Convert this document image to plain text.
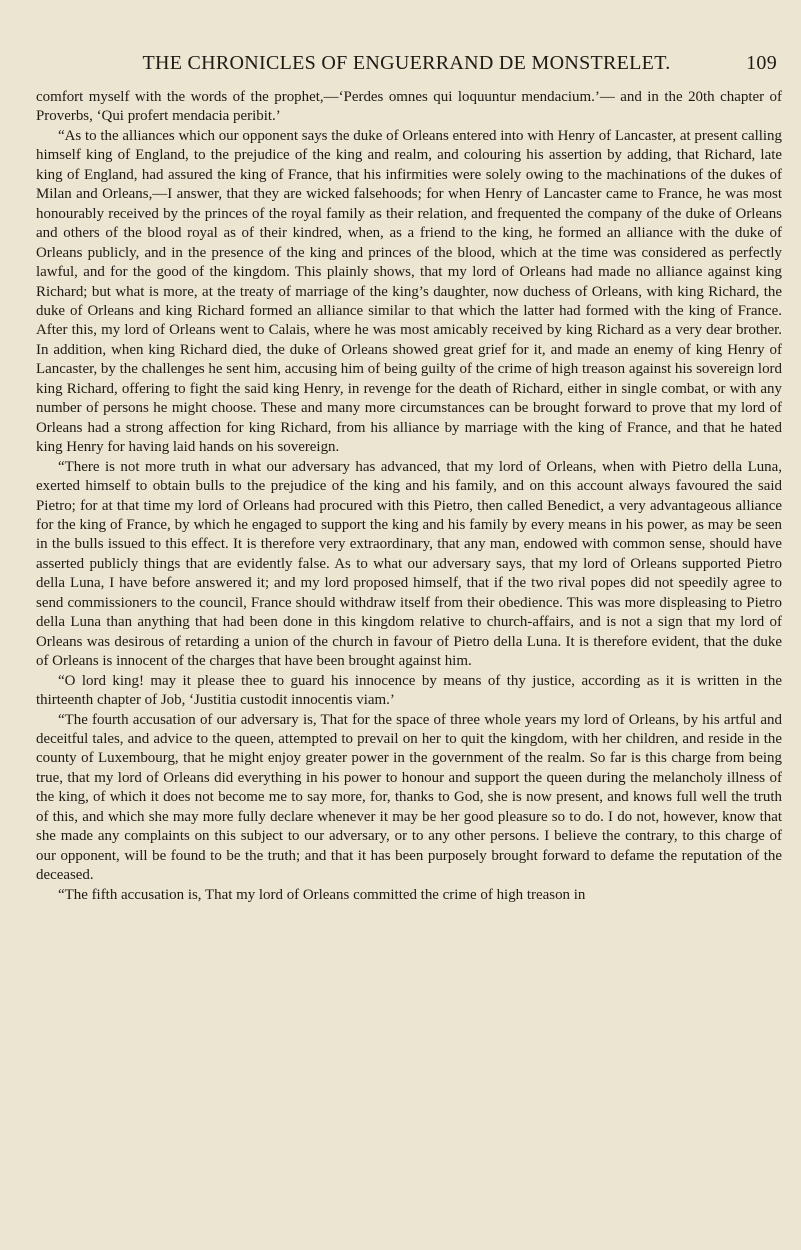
THE CHRONICLES OF ENGUERRAND DE MONSTRELET.	109

comfort myself with the words of the prophet,—‘Perdes omnes qui loquuntur mendacium.’— and in the 20th chapter of Proverbs, ‘Qui profert mendacia peribit.’

“As to the alliances which our opponent says the duke of Orleans entered into with Henry of Lancaster, at present calling himself king of England, to the prejudice of the king and realm, and colouring his assertion by adding, that Richard, late king of England, had assured the king of France, that his infirmities were solely owing to the machinations of the dukes of Milan and Orleans,—I answer, that they are wicked falsehoods; for when Henry of Lancaster came to France, he was most honourably received by the princes of the royal family as their relation, and frequented the company of the duke of Orleans and others of the blood royal as of their kindred, when, as a friend to the king, he formed an alliance with the duke of Orleans publicly, and in the presence of the king and princes of the blood, which at the time was considered as perfectly lawful, and for the good of the kingdom. This plainly shows, that my lord of Orleans had made no alliance against king Richard; but what is more, at the treaty of marriage of the king’s daughter, now duchess of Orleans, with king Richard, the duke of Orleans and king Richard formed an alliance similar to that which the latter had formed with the king of France. After this, my lord of Orleans went to Calais, where he was most amicably received by king Richard as a very dear brother. In addition, when king Richard died, the duke of Orleans showed great grief for it, and made an enemy of king Henry of Lancaster, by the challenges he sent him, accusing him of being guilty of the crime of high treason against his sovereign lord king Richard, offering to fight the said king Henry, in revenge for the death of Richard, either in single combat, or with any number of persons he might choose. These and many more circumstances can be brought forward to prove that my lord of Orleans had a strong affection for king Richard, from his alliance by marriage with the king of France, and that he hated king Henry for having laid hands on his sovereign.

“There is not more truth in what our adversary has advanced, that my lord of Orleans, when with Pietro della Luna, exerted himself to obtain bulls to the prejudice of the king and his family, and on this account always favoured the said Pietro; for at that time my lord of Orleans had procured with this Pietro, then called Benedict, a very advantageous alliance for the king of France, by which he engaged to support the king and his family by every means in his power, as may be seen in the bulls issued to this effect. It is therefore very extraordinary, that any man, endowed with common sense, should have asserted publicly things that are evidently false. As to what our adversary says, that my lord of Orleans supported Pietro della Luna, I have before answered it; and my lord proposed himself, that if the two rival popes did not speedily agree to send commissioners to the council, France should withdraw itself from their obedience. This was more displeasing to Pietro della Luna than anything that had been done in this kingdom relative to church-affairs, and is not a sign that my lord of Orleans was desirous of retarding a union of the church in favour of Pietro della Luna. It is therefore evident, that the duke of Orleans is innocent of the charges that have been brought against him.

“O lord king! may it please thee to guard his innocence by means of thy justice, according as it is written in the thirteenth chapter of Job, ‘Justitia custodit innocentis viam.’

“The fourth accusation of our adversary is, That for the space of three whole years my lord of Orleans, by his artful and deceitful tales, and advice to the queen, attempted to prevail on her to quit the kingdom, with her children, and reside in the county of Luxembourg, that he might enjoy greater power in the government of the realm. So far is this charge from being true, that my lord of Orleans did everything in his power to honour and support the queen during the melancholy illness of the king, of which it does not become me to say more, for, thanks to God, she is now present, and knows full well the truth of this, and which she may more fully declare whenever it may be her good pleasure so to do. I do not, however, know that she made any complaints on this subject to our adversary, or to any other persons. I believe the contrary, to this charge of our opponent, will be found to be the truth; and that it has been purposely brought forward to defame the reputation of the deceased.

“The fifth accusation is, That my lord of Orleans committed the crime of high treason in
